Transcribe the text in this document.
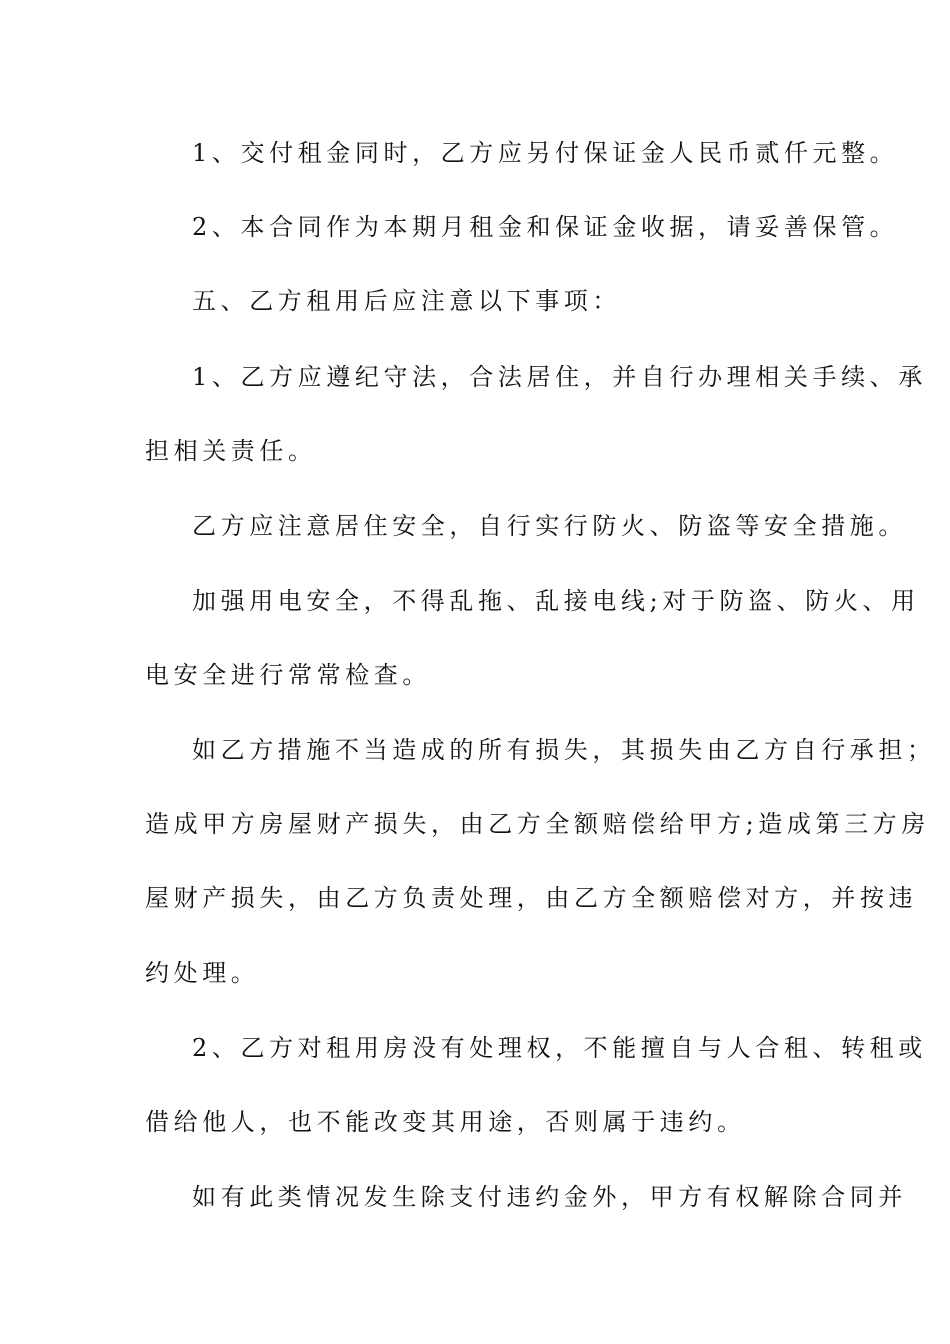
1、交付租金同时，乙方应另付保证金人民币贰仟元整。
2、本合同作为本期月租金和保证金收据，请妥善保管。
五、乙方租用后应注意以下事项：
1、乙方应遵纪守法，合法居住，并自行办理相关手续、承
担相关责任。
乙方应注意居住安全，自行实行防火、防盗等安全措施。
加强用电安全，不得乱拖、乱接电线;对于防盗、防火、用
电安全进行常常检查。
如乙方措施不当造成的所有损失，其损失由乙方自行承担；
造成甲方房屋财产损失，由乙方全额赔偿给甲方;造成第三方房
屋财产损失，由乙方负责处理，由乙方全额赔偿对方，并按违
约处理。
2、乙方对租用房没有处理权，不能擅自与人合租、转租或
借给他人，也不能改变其用途，否则属于违约。
如有此类情况发生除支付违约金外，甲方有权解除合同并
